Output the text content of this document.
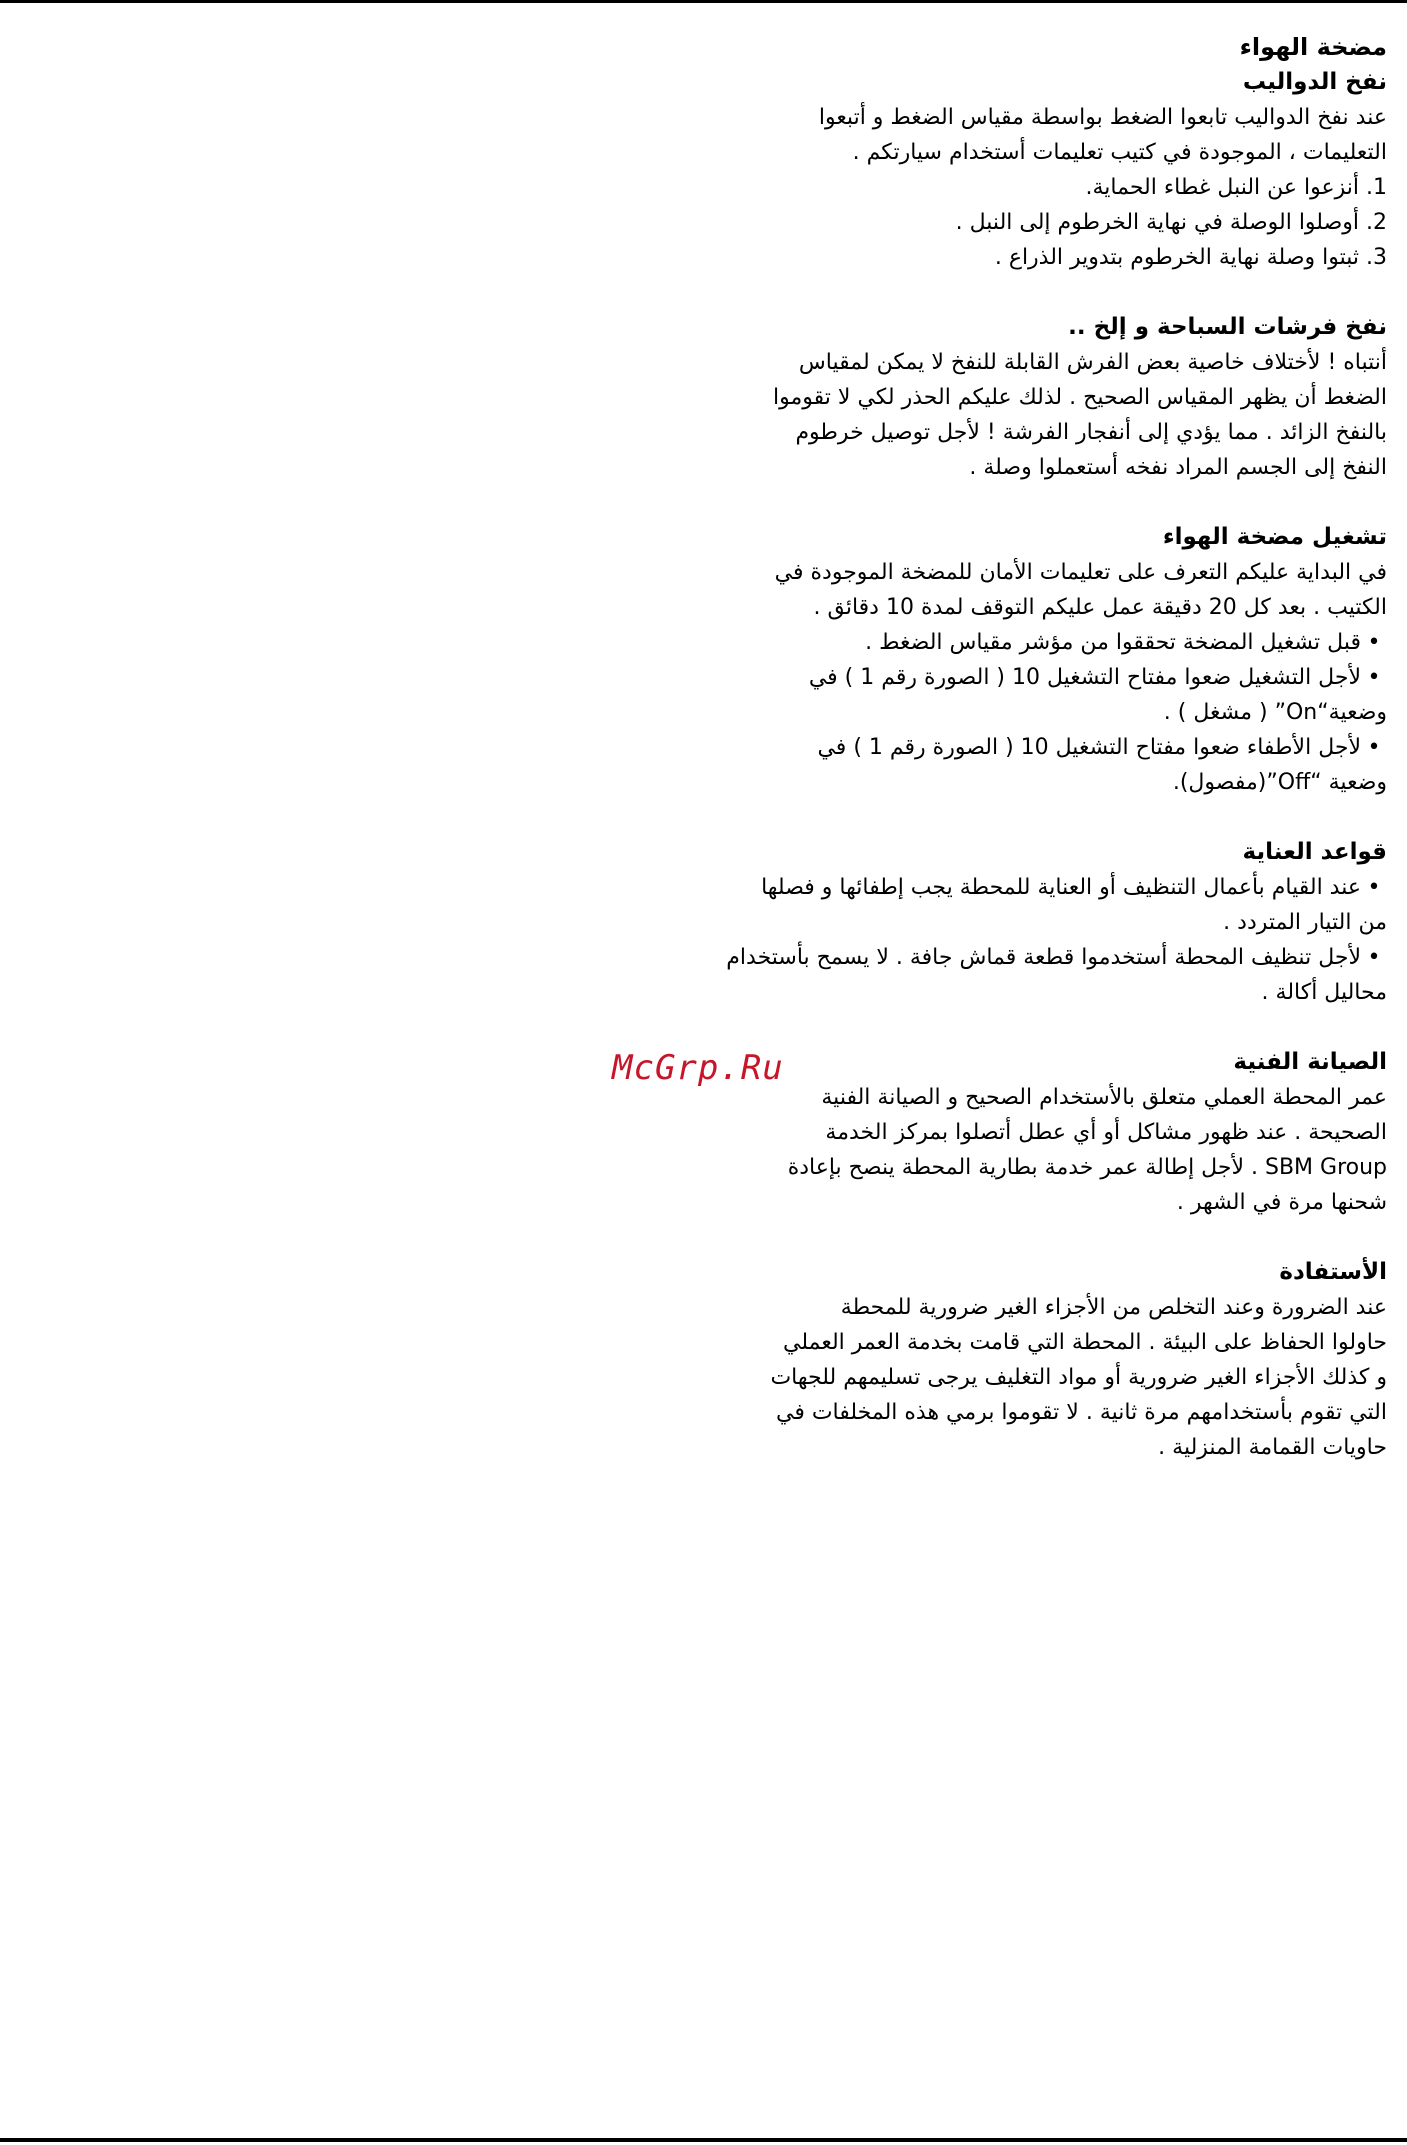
مضخة الهواء
نفخ الدواليب
عند نفخ الدواليب تابعوا الضغط بواسطة مقياس الضغط و أتبعوا
التعليمات ، الموجودة في كتيب تعليمات أستخدام سيارتكم .
1. أنزعوا عن النبل غطاء الحماية.
2. أوصلوا الوصلة في نهاية الخرطوم إلى النبل .
3. ثبتوا وصلة نهاية الخرطوم بتدوير الذراع .
نفخ فرشات السباحة و إلخ ..
أنتباه ! لأختلاف خاصية بعض الفرش القابلة للنفخ لا يمكن لمقياس
الضغط أن يظهر المقياس الصحيح . لذلك عليكم الحذر لكي لا تقوموا
بالنفخ الزائد . مما يؤدي إلى أنفجار الفرشة ! لأجل توصيل خرطوم
النفخ إلى الجسم المراد نفخه أستعملوا وصلة .
تشغيل مضخة الهواء
في البداية عليكم التعرف على تعليمات الأمان للمضخة الموجودة في
الكتيب . بعد كل 20 دقيقة عمل عليكم التوقف لمدة 10 دقائق .
•قبل تشغيل المضخة تحققوا من مؤشر مقياس الضغط .
•لأجل التشغيل ضعوا مفتاح التشغيل 10 ( الصورة رقم 1 ) في
وضعية“On” ( مشغل ) .
•لأجل الأطفاء ضعوا مفتاح التشغيل 10 ( الصورة رقم 1 ) في
وضعية “Off”(مفصول).
قواعد العناية
•عند القيام بأعمال التنظيف أو العناية للمحطة يجب إطفائها و فصلها
من التيار المتردد .
•لأجل تنظيف المحطة أستخدموا قطعة قماش جافة . لا يسمح بأستخدام
محاليل أكالة .
الصيانة الفنية
عمر المحطة العملي متعلق بالأستخدام الصحيح و الصيانة الفنية
الصحيحة . عند ظهور مشاكل أو أي عطل أتصلوا بمركز الخدمة
SBM Group . لأجل إطالة عمر خدمة بطارية المحطة ينصح بإعادة
شحنها مرة في الشهر .
الأستفادة
عند الضرورة وعند التخلص من الأجزاء الغير ضرورية للمحطة
حاولوا الحفاظ على البيئة . المحطة التي قامت بخدمة العمر العملي
و كذلك الأجزاء الغير ضرورية أو مواد التغليف يرجى تسليمهم للجهات
التي تقوم بأستخدامهم مرة ثانية . لا تقوموا برمي هذه المخلفات في
حاويات القمامة المنزلية .
McGrp.Ru
